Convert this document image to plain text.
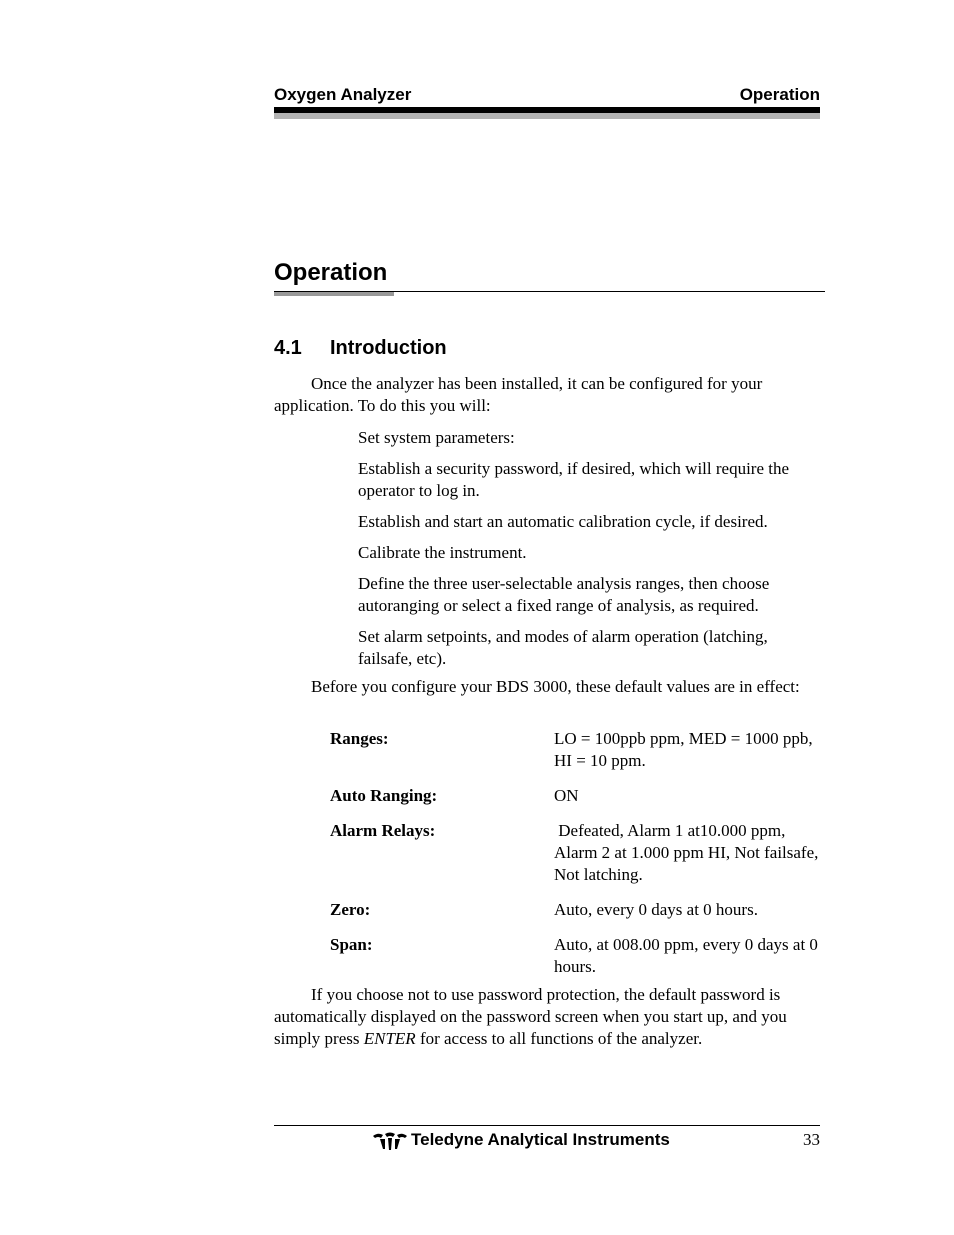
Oxygen Analyzer	Operation
Operation
4.1 Introduction
Once the analyzer has been installed, it can be configured for your application. To do this you will:
Set system parameters:
Establish a security password, if desired, which will require the operator to log in.
Establish and start an automatic calibration cycle, if desired.
Calibrate the instrument.
Define the three user-selectable analysis ranges, then choose autoranging or select a fixed range of analysis, as required.
Set alarm setpoints, and modes of alarm operation (latching, failsafe, etc).
Before you configure your BDS 3000, these default values are in effect:
Ranges:	LO = 100ppb ppm, MED = 1000 ppb, HI = 10 ppm.
Auto Ranging:	ON
Alarm Relays:	Defeated, Alarm 1 at10.000 ppm, Alarm 2 at 1.000 ppm HI, Not failsafe, Not latching.
Zero:	Auto, every 0 days at 0 hours.
Span:	Auto, at 008.00 ppm, every 0 days at 0 hours.
If you choose not to use password protection, the default password is automatically displayed on the password screen when you start up, and you simply press ENTER for access to all functions of the analyzer.
Teledyne Analytical Instruments	33
